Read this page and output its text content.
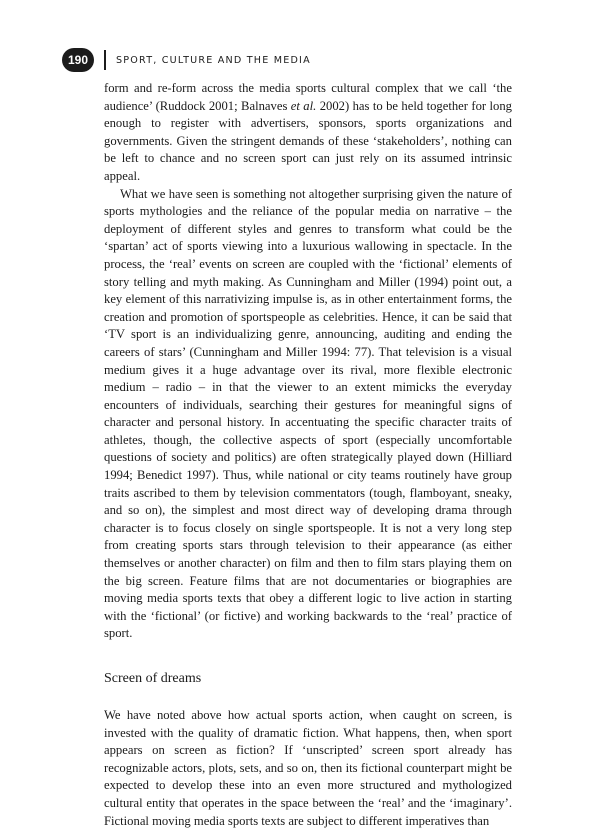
190	SPORT, CULTURE AND THE MEDIA

form and re-form across the media sports cultural complex that we call ‘the audience’ (Ruddock 2001; Balnaves et al. 2002) has to be held together for long enough to register with advertisers, sponsors, sports organizations and governments. Given the stringent demands of these ‘stakeholders’, nothing can be left to chance and no screen sport can just rely on its assumed intrinsic appeal.

What we have seen is something not altogether surprising given the nature of sports mythologies and the reliance of the popular media on narrative – the deployment of different styles and genres to transform what could be the ‘spartan’ act of sports viewing into a luxurious wallowing in spectacle. In the process, the ‘real’ events on screen are coupled with the ‘fictional’ elements of story telling and myth making. As Cunningham and Miller (1994) point out, a key element of this narrativizing impulse is, as in other entertainment forms, the creation and promotion of sportspeople as celebrities. Hence, it can be said that ‘TV sport is an individualizing genre, announcing, auditing and ending the careers of stars’ (Cunningham and Miller 1994: 77). That television is a visual medium gives it a huge advantage over its rival, more flexible electronic medium – radio – in that the viewer to an extent mimicks the everyday encounters of individuals, searching their gestures for meaningful signs of character and personal history. In accentuating the specific character traits of athletes, though, the collective aspects of sport (especially uncomfortable questions of society and politics) are often strategically played down (Hilliard 1994; Benedict 1997). Thus, while national or city teams routinely have group traits ascribed to them by television commentators (tough, flamboyant, sneaky, and so on), the simplest and most direct way of developing drama through character is to focus closely on single sportspeople. It is not a very long step from creating sports stars through television to their appearance (as either themselves or another character) on film and then to film stars playing them on the big screen. Feature films that are not documentaries or biographies are moving media sports texts that obey a different logic to live action in starting with the ‘fictional’ (or fictive) and working backwards to the ‘real’ practice of sport.

Screen of dreams

We have noted above how actual sports action, when caught on screen, is invested with the quality of dramatic fiction. What happens, then, when sport appears on screen as fiction? If ‘unscripted’ screen sport already has recognizable actors, plots, sets, and so on, then its fictional counterpart might be expected to develop these into an even more structured and mythologized cultural entity that operates in the space between the ‘real’ and the ‘imaginary’. Fictional moving media sports texts are subject to different imperatives than
